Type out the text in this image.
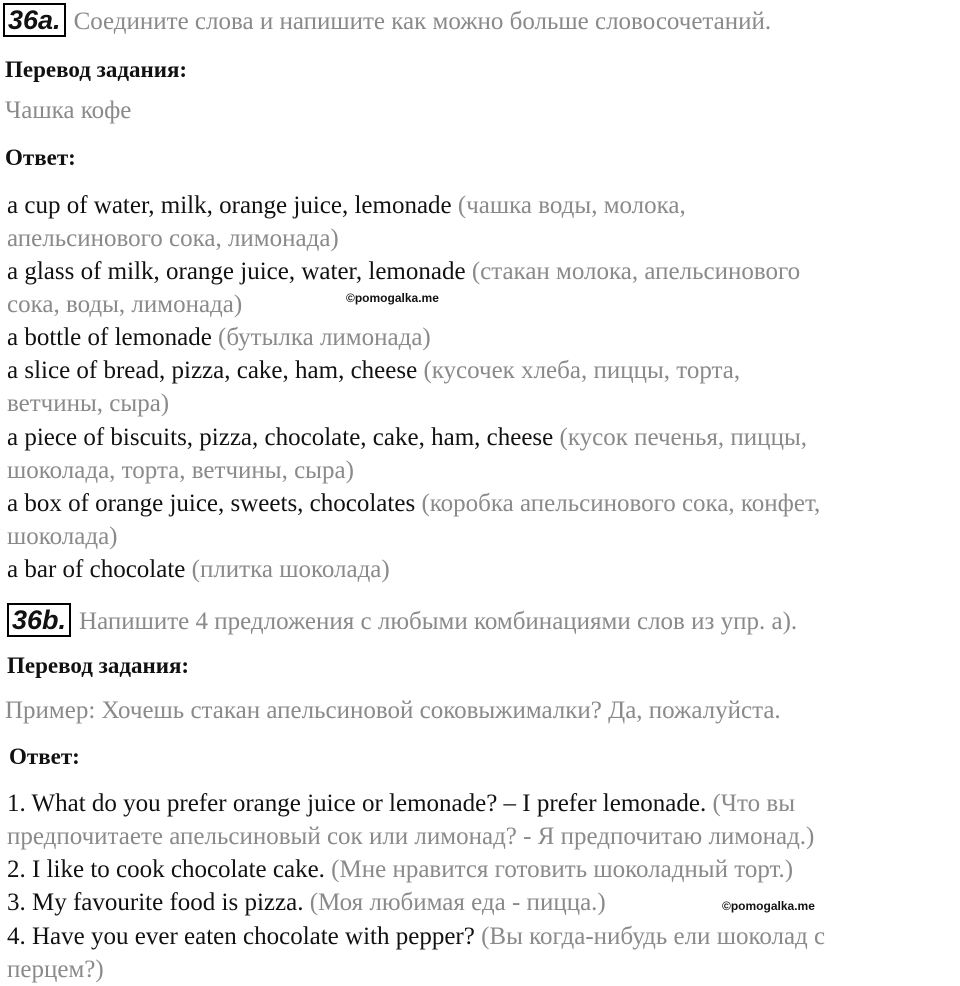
36a. Соедините слова и напишите как можно больше словосочетаний.
Перевод задания:
Чашка кофе
Ответ:
a cup of water, milk, orange juice, lemonade (чашка воды, молока,
апельсинового сока, лимонада)
a glass of milk, orange juice, water, lemonade (стакан молока, апельсинового
сока, воды, лимонада)
a bottle of lemonade (бутылка лимонада)
a slice of bread, pizza, cake, ham, cheese (кусочек хлеба, пиццы, торта,
ветчины, сыра)
a piece of biscuits, pizza, chocolate, cake, ham, cheese (кусок печенья, пиццы,
шоколада, торта, ветчины, сыра)
a box of orange juice, sweets, chocolates (коробка апельсинового сока, конфет,
шоколада)
a bar of chocolate (плитка шоколада)
©pomogalka.me
36b. Напишите 4 предложения с любыми комбинациями слов из упр. а).
Перевод задания:
Пример: Хочешь стакан апельсиновой соковыжималки? Да, пожалуйста.
Ответ:
1. What do you prefer orange juice or lemonade? – I prefer lemonade. (Что вы
предпочитаете апельсиновый сок или лимонад? - Я предпочитаю лимонад.)
2. I like to cook chocolate cake. (Мне нравится готовить шоколадный торт.)
3. My favourite food is pizza. (Моя любимая еда - пицца.)
4. Have you ever eaten chocolate with pepper? (Вы когда-нибудь ели шоколад с
перцем?)
©pomogalka.me
